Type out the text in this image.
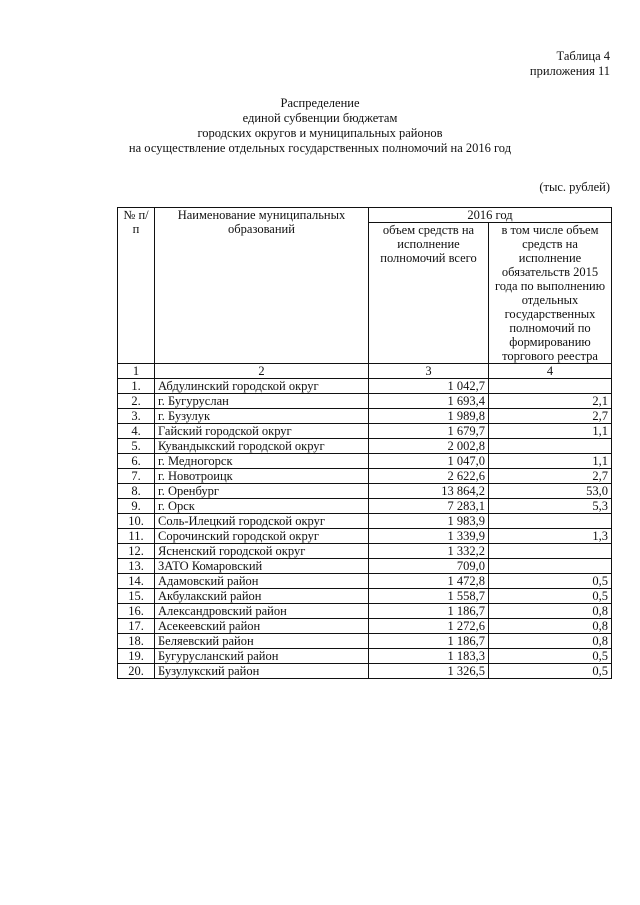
Таблица 4
приложения 11
Распределение
единой субвенции бюджетам
городских округов и муниципальных районов
на осуществление отдельных государственных полномочий на 2016 год
(тыс. рублей)
№ п/п	Наименование муниципальных образований	2016 год	
		объем средств на исполнение полномочий всего	в том числе объем средств на исполнение обязательств 2015 года по выполнению отдельных государственных полномочий по формированию торгового реестра
1	2	3	4
1.	Абдулинский городской округ	1 042,7	
2.	г. Бугуруслан	1 693,4	2,1
3.	г. Бузулук	1 989,8	2,7
4.	Гайский городской округ	1 679,7	1,1
5.	Кувандыкский городской округ	2 002,8	
6.	г. Медногорск	1 047,0	1,1
7.	г. Новотроицк	2 622,6	2,7
8.	г. Оренбург	13 864,2	53,0
9.	г. Орск	7 283,1	5,3
10.	Соль-Илецкий городской округ	1 983,9	
11.	Сорочинский городской округ	1 339,9	1,3
12.	Ясненский городской округ	1 332,2	
13.	ЗАТО Комаровский	709,0	
14.	Адамовский район	1 472,8	0,5
15.	Акбулакский район	1 558,7	0,5
16.	Александровский район	1 186,7	0,8
17.	Асекеевский район	1 272,6	0,8
18.	Беляевский район	1 186,7	0,8
19.	Бугурусланский район	1 183,3	0,5
20.	Бузулукский район	1 326,5	0,5
